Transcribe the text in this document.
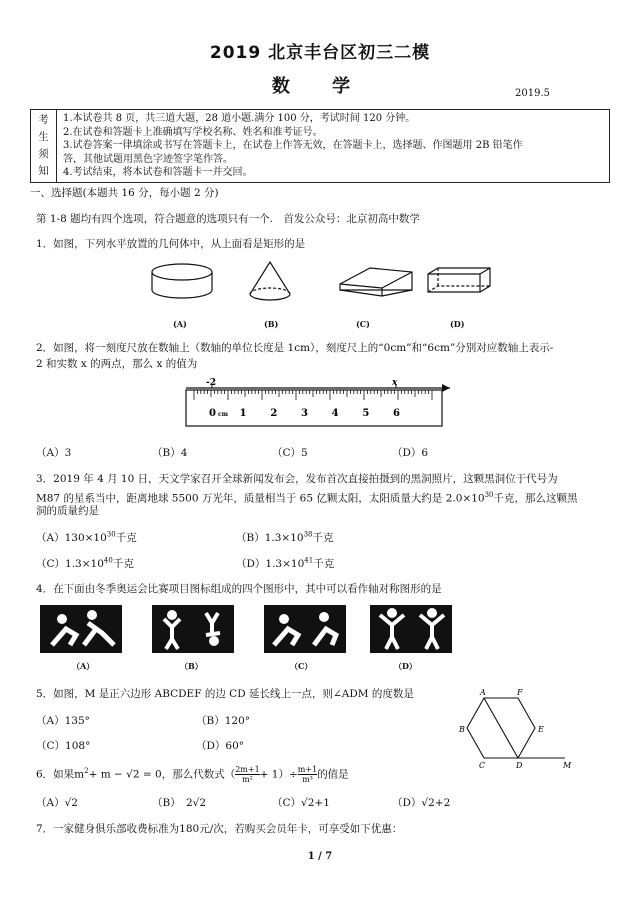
2019 北京丰台区初三二模
数 学	2019.5
考
生
须
知
1.本试卷共 8 页，共三道大题，28 道小题.满分 100 分，考试时间 120 分钟。
2.在试卷和答题卡上准确填写学校名称、姓名和准考证号。
3.试卷答案一律填涂或书写在答题卡上，在试卷上作答无效，在答题卡上，选择题、作图题用 2B 铅笔作
答，其他试题用黑色字迹签字笔作答。
4.考试结束，将本试卷和答题卡一并交回。
一、选择题(本题共 16 分，每小题 2 分)
第 1-8 题均有四个选项，符合题意的选项只有一个.　首发公众号：北京初高中数学
1．如图，下列水平放置的几何体中，从上面看是矩形的是
(A)	(B)	(C)	(D)
2．如图，将一刻度尺放在数轴上（数轴的单位长度是 1cm），刻度尺上的“0cm”和“6cm”分别对应数轴上表示-
2 和实数 x 的两点，那么 x 的值为
-2	x
0 1 2 3 4 5 6
cm
（A）3	（B）4	（C）5	（D）6
3．2019 年 4 月 10 日，天文学家召开全球新闻发布会，发布首次直接拍摄到的黑洞照片，这颗黑洞位于代号为
M87 的星系当中，距离地球 5500 万光年，质量相当于 65 亿颗太阳，太阳质量大约是 $2.0\times 10^{30}$千克，那么这颗黑
洞的质量约是
$(A)130\times 10^{30}$千克	$(B)1.3\times 10^{38}$千克
$(C)1.3\times 10^{40}$千克	$(D)1.3\times 10^{41}$千克
4．在下面由冬季奥运会比赛项目图标组成的四个图形中，其中可以看作轴对称图形的是
（A）	（B）	（C）	（D）
5．如图，M 是正六边形 ABCDEF 的边 CD 延长线上一点，则∠ADM 的度数是
（A）135°	（B）120°
（C）108°	（D）60°
A	F
B	E
C	D	M
6．如果$m^2+ m - √2 = 0$，那么代数式（ $\frac{2m+1}{\text{m²}} + 1)\div \frac{m+1}{\text{m³}}$ 的值是
（A）√2	（B）　2√2	（C）√2+1	（D）√2+2
7．一家健身俱乐部收费标准为180元/次，若购买会员年卡，可享受如下优惠：
1 / 7
